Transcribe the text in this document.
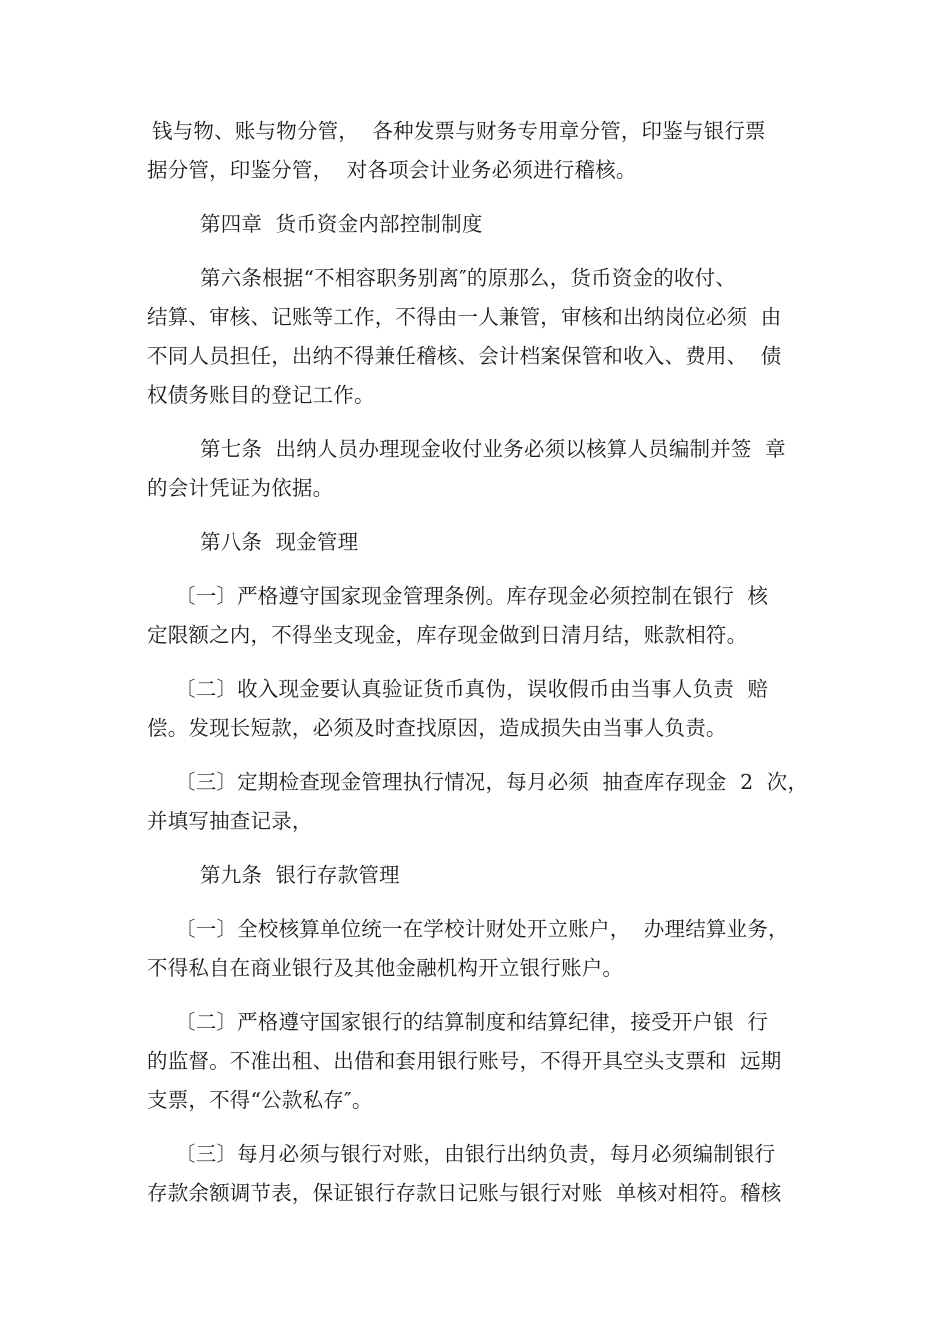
钱与物、账与物分管，  各种发票与财务专用章分管，印鉴与银行票
据分管，印鉴分管，  对各项会计业务必须进行稽核。
第四章  货币资金内部控制制度
第六条根据“不相容职务别离″的原那么，货币资金的收付、
结算、审核、记账等工作，不得由一人兼管，审核和出纳岗位必须  由
不同人员担任，出纳不得兼任稽核、会计档案保管和收入、费用、  债
权债务账目的登记工作。
第七条  出纳人员办理现金收付业务必须以核算人员编制并签  章
的会计凭证为依据。
第八条  现金管理
〔一〕严格遵守国家现金管理条例。库存现金必须控制在银行  核
定限额之内，不得坐支现金，库存现金做到日清月结，账款相符。
〔二〕收入现金要认真验证货币真伪，误收假币由当事人负责  赔
偿。发现长短款，必须及时查找原因，造成损失由当事人负责。
〔三〕定期检查现金管理执行情况，每月必须  抽查库存现金  2  次，
并填写抽查记录，
第九条  银行存款管理
〔一〕全校核算单位统一在学校计财处开立账户，  办理结算业务，
不得私自在商业银行及其他金融机构开立银行账户。
〔二〕严格遵守国家银行的结算制度和结算纪律，接受开户银  行
的监督。不准出租、出借和套用银行账号，不得开具空头支票和  远期
支票，不得“公款私存″。
〔三〕每月必须与银行对账，由银行出纳负责，每月必须编制银行
存款余额调节表，保证银行存款日记账与银行对账  单核对相符。稽核
